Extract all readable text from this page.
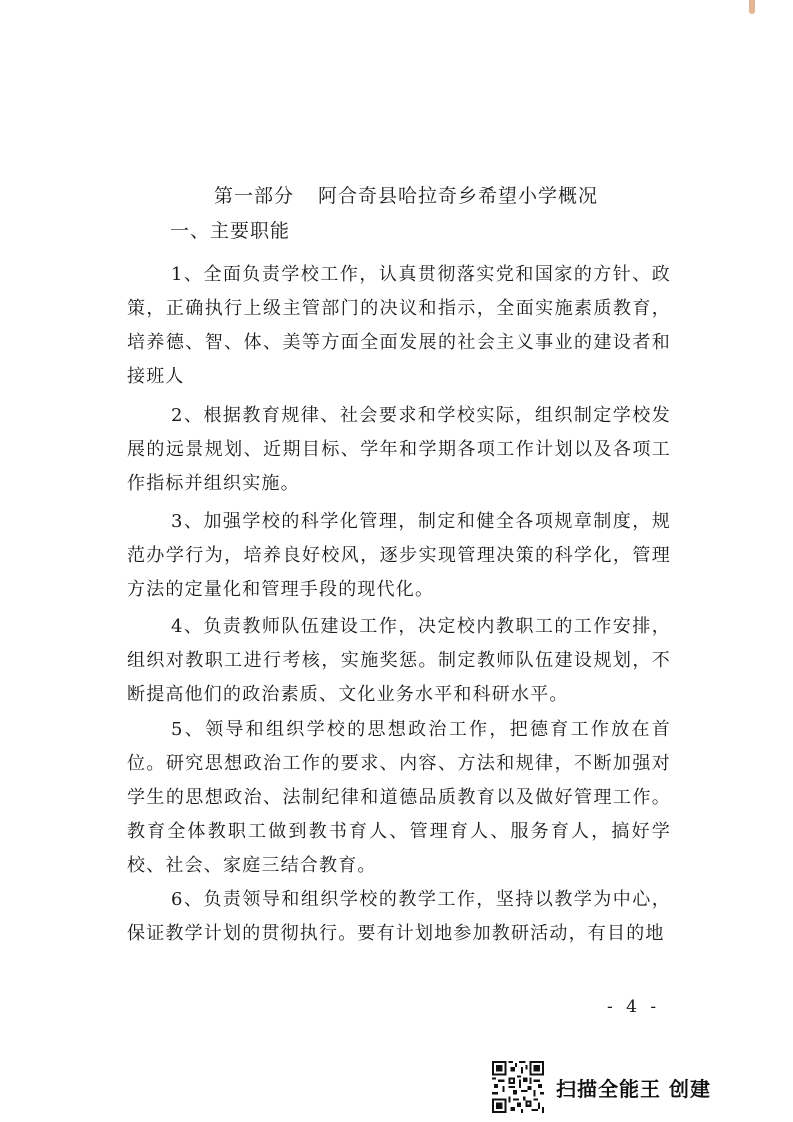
第一部分 阿合奇县哈拉奇乡希望小学概况
一、主要职能

1、全面负责学校工作，认真贯彻落实党和国家的方针、政策，正确执行上级主管部门的决议和指示，全面实施素质教育，培养德、智、体、美等方面全面发展的社会主义事业的建设者和接班人

2、根据教育规律、社会要求和学校实际，组织制定学校发展的远景规划、近期目标、学年和学期各项工作计划以及各项工作指标并组织实施。

3、加强学校的科学化管理，制定和健全各项规章制度，规范办学行为，培养良好校风，逐步实现管理决策的科学化，管理方法的定量化和管理手段的现代化。

4、负责教师队伍建设工作，决定校内教职工的工作安排，组织对教职工进行考核，实施奖惩。制定教师队伍建设规划，不断提高他们的政治素质、文化业务水平和科研水平。

5、领导和组织学校的思想政治工作，把德育工作放在首位。研究思想政治工作的要求、内容、方法和规律，不断加强对学生的思想政治、法制纪律和道德品质教育以及做好管理工作。教育全体教职工做到教书育人、管理育人、服务育人，搞好学校、社会、家庭三结合教育。

6、负责领导和组织学校的教学工作，坚持以教学为中心，保证教学计划的贯彻执行。要有计划地参加教研活动，有目的地

- 4 -

扫描全能王 创建
